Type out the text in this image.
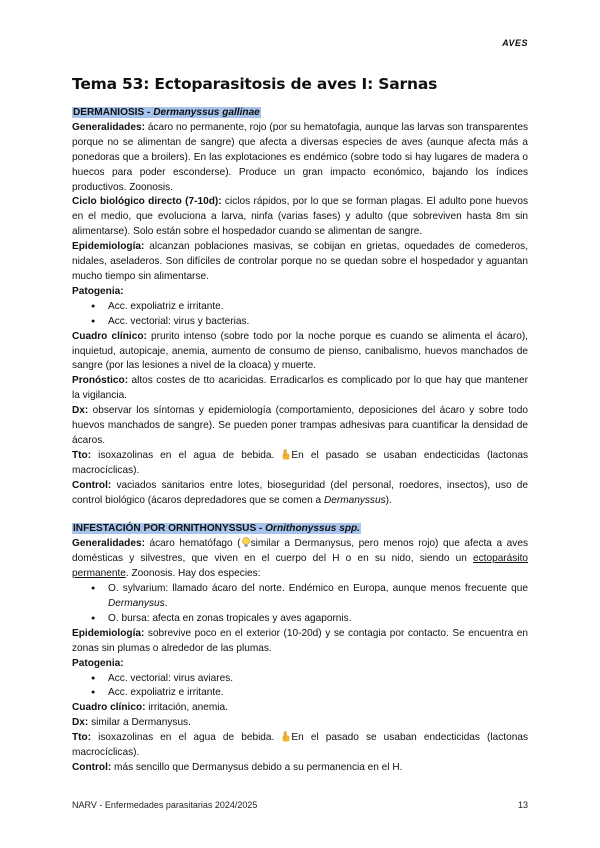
AVES
Tema 53: Ectoparasitosis de aves I: Sarnas

DERMANIOSIS - Dermanyssus gallinae

Generalidades: ácaro no permanente, rojo (por su hematofagia, aunque las larvas son transparentes porque no se alimentan de sangre) que afecta a diversas especies de aves (aunque afecta más a ponedoras que a broilers). En las explotaciones es endémico (sobre todo si hay lugares de madera o huecos para poder esconderse). Produce un gran impacto económico, bajando los índices productivos. Zoonosis.

Ciclo biológico directo (7-10d): ciclos rápidos, por lo que se forman plagas. El adulto pone huevos en el medio, que evoluciona a larva, ninfa (varias fases) y adulto (que sobreviven hasta 8m sin alimentarse). Solo están sobre el hospedador cuando se alimentan de sangre.

Epidemiología: alcanzan poblaciones masivas, se cobijan en grietas, oquedades de comederos, nidales, aseladeros. Son difíciles de controlar porque no se quedan sobre el hospedador y aguantan mucho tiempo sin alimentarse.

Patogenia:

● Acc. expoliatriz e irritante.
● Acc. vectorial: virus y bacterias.

Cuadro clínico: prurito intenso (sobre todo por la noche porque es cuando se alimenta el ácaro), inquietud, autopicaje, anemia, aumento de consumo de pienso, canibalismo, huevos manchados de sangre (por las lesiones a nivel de la cloaca) y muerte.

Pronóstico: altos costes de tto acaricidas. Erradicarlos es complicado por lo que hay que mantener la vigilancia.

Dx: observar los síntomas y epidemiología (comportamiento, deposiciones del ácaro y sobre todo huevos manchados de sangre). Se pueden poner trampas adhesivas para cuantificar la densidad de ácaros.

Tto: isoxazolinas en el agua de bebida. En el pasado se usaban endecticidas (lactonas macrocíclicas).

Control: vaciados sanitarios entre lotes, bioseguridad (del personal, roedores, insectos), uso de control biológico (ácaros depredadores que se comen a Dermanyssus).

INFESTACIÓN POR ORNITHONYSSUS - Ornithonyssus spp.

Generalidades: ácaro hematófago ( similar a Dermanysus, pero menos rojo) que afecta a aves domésticas y silvestres, que viven en el cuerpo del H o en su nido, siendo un ectoparásito permanente. Zoonosis. Hay dos especies:

● O. sylvarium: llamado ácaro del norte. Endémico en Europa, aunque menos frecuente que Dermanysus.
● O. bursa: afecta en zonas tropicales y aves agapornis.

Epidemiología: sobrevive poco en el exterior (10-20d) y se contagia por contacto. Se encuentra en zonas sin plumas o alrededor de las plumas.

Patogenia:

● Acc. vectorial: virus aviares.
● Acc. expoliatriz e irritante.

Cuadro clínico: irritación, anemia.

Dx: similar a Dermanysus.

Tto: isoxazolinas en el agua de bebida. En el pasado se usaban endecticidas (lactonas macrocíclicas).

Control: más sencillo que Dermanysus debido a su permanencia en el H.

NARV - Enfermedades parasitarias 2024/2025	13
